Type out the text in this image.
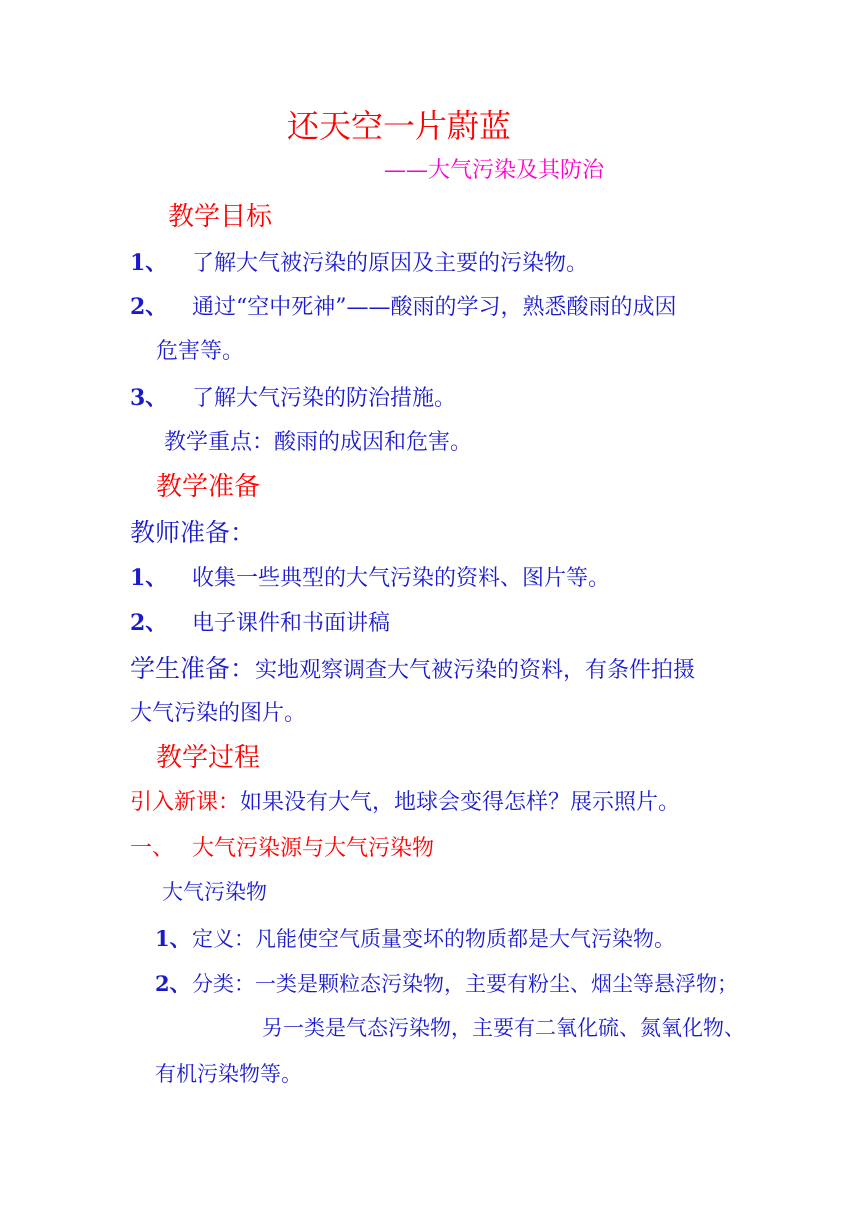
还天空一片蔚蓝
——大气污染及其防治
教学目标
1、 了解大气被污染的原因及主要的污染物。
2、 通过“空中死神”——酸雨的学习，熟悉酸雨的成因
危害等。
3、 了解大气污染的防治措施。
教学重点：酸雨的成因和危害。
教学准备
教师准备：
1、 收集一些典型的大气污染的资料、图片等。
2、 电子课件和书面讲稿
学生准备：实地观察调查大气被污染的资料，有条件拍摄
大气污染的图片。
教学过程
引入新课：如果没有大气，地球会变得怎样？展示照片。
一、 大气污染源与大气污染物
大气污染物
1、定义：凡能使空气质量变坏的物质都是大气污染物。
2、分类：一类是颗粒态污染物，主要有粉尘、烟尘等悬浮物；
另一类是气态污染物，主要有二氧化硫、氮氧化物、
有机污染物等。
